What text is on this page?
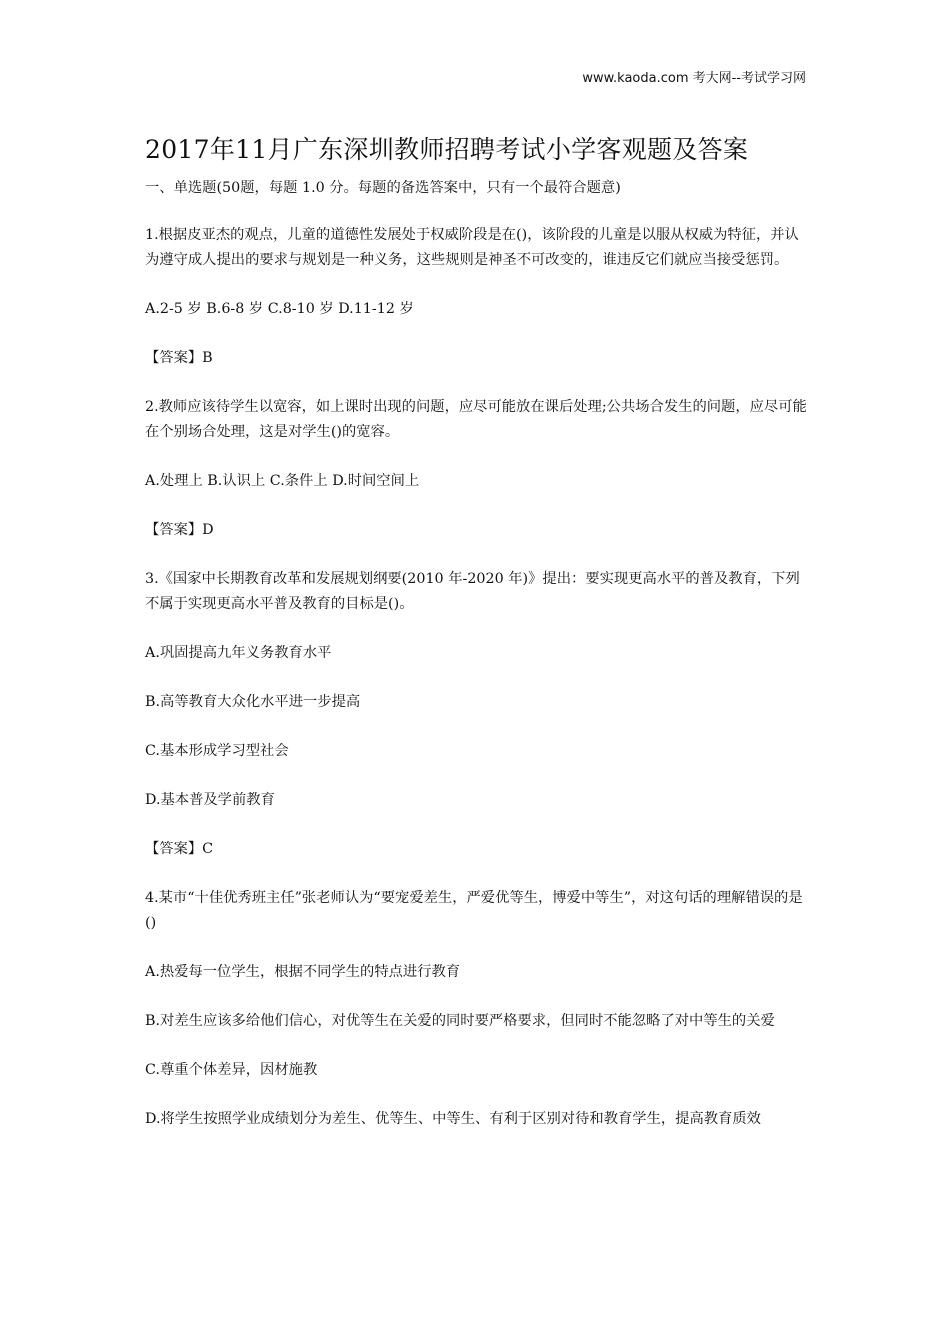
www.kaoda.com 考大网--考试学习网
2017年11月广东深圳教师招聘考试小学客观题及答案
一、单选题(50题，每题 1.0 分。每题的备选答案中，只有一个最符合题意)

1.根据皮亚杰的观点，儿童的道德性发展处于权威阶段是在()，该阶段的儿童是以服从权威为特征，并认为遵守成人提出的要求与规划是一种义务，这些规则是神圣不可改变的，谁违反它们就应当接受惩罚。

A.2-5 岁 B.6-8 岁 C.8-10 岁 D.11-12 岁

【答案】B

2.教师应该待学生以宽容，如上课时出现的问题，应尽可能放在课后处理;公共场合发生的问题，应尽可能在个别场合处理，这是对学生()的宽容。

A.处理上 B.认识上 C.条件上 D.时间空间上

【答案】D

3.《国家中长期教育改革和发展规划纲要(2010 年-2020 年)》提出：要实现更高水平的普及教育，下列不属于实现更高水平普及教育的目标是()。

A.巩固提高九年义务教育水平

B.高等教育大众化水平进一步提高

C.基本形成学习型社会

D.基本普及学前教育

【答案】C

4.某市“十佳优秀班主任”张老师认为“要宠爱差生，严爱优等生，博爱中等生”，对这句话的理解错误的是()

A.热爱每一位学生，根据不同学生的特点进行教育

B.对差生应该多给他们信心，对优等生在关爱的同时要严格要求，但同时不能忽略了对中等生的关爱

C.尊重个体差异，因材施教

D.将学生按照学业成绩划分为差生、优等生、中等生、有利于区别对待和教育学生，提高教育质效
